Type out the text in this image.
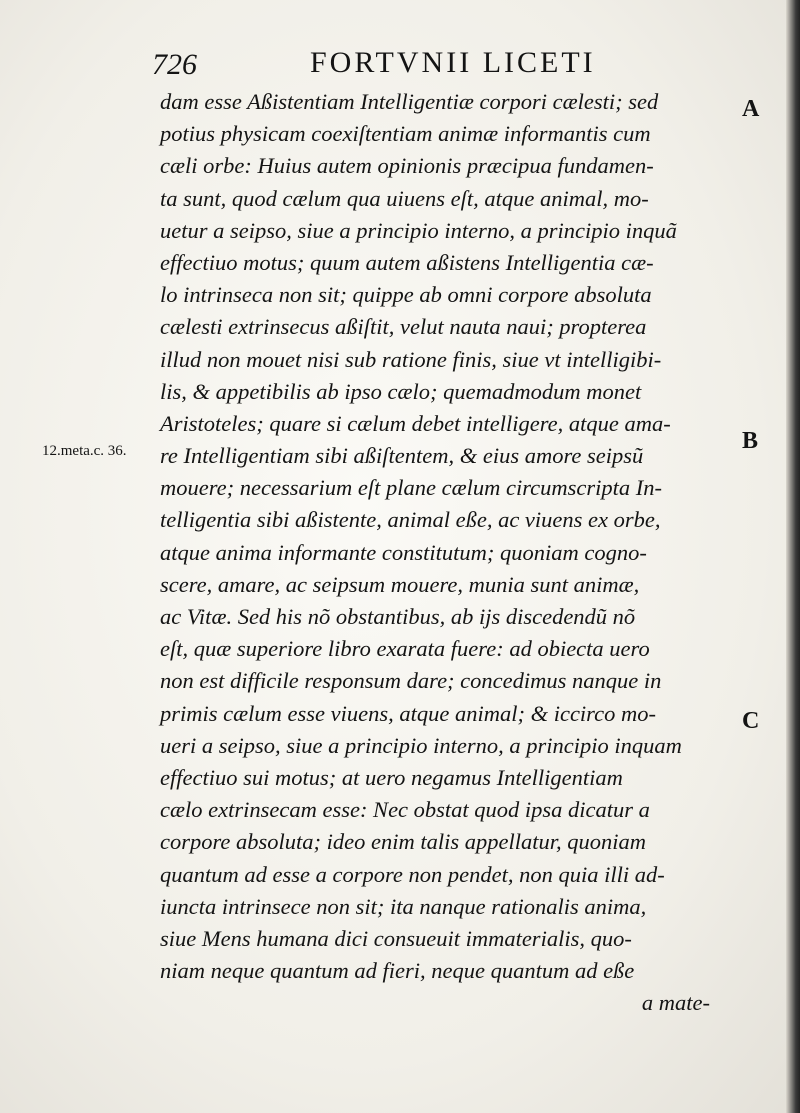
726	FORTVNII LICETI
12.meta.c. 36.
A
B
C
dam esse Aßistentiam Intelligentiæ corpori cælesti; sed
potius physicam coexiſtentiam animæ informantis cum
cæli orbe: Huius autem opinionis præcipua fundamen-
ta sunt, quod cælum qua uiuens eſt, atque animal, mo-
uetur a seipso, siue a principio interno, a principio inquã
effectiuo motus; quum autem aßistens Intelligentia cæ-
lo intrinseca non sit; quippe ab omni corpore absoluta
cælesti extrinsecus aßiſtit, velut nauta naui; propterea
illud non mouet nisi sub ratione finis, siue vt intelligibi-
lis, & appetibilis ab ipso cælo; quemadmodum monet
Aristoteles; quare si cælum debet intelligere, atque ama-
re Intelligentiam sibi aßiſtentem, & eius amore seipsũ
mouere; necessarium eſt plane cælum circumscripta In-
telligentia sibi aßistente, animal eße, ac viuens ex orbe,
atque anima informante constitutum; quoniam cogno-
scere, amare, ac seipsum mouere, munia sunt animæ,
ac Vitæ. Sed his nõ obstantibus, ab ijs discedendũ nõ
eſt, quæ superiore libro exarata fuere: ad obiecta uero
non est difficile responsum dare; concedimus nanque in
primis cælum esse viuens, atque animal; & iccirco mo-
ueri a seipso, siue a principio interno, a principio inquam
effectiuo sui motus; at uero negamus Intelligentiam
cælo extrinsecam esse: Nec obstat quod ipsa dicatur a
corpore absoluta; ideo enim talis appellatur, quoniam
quantum ad esse a corpore non pendet, non quia illi ad-
iuncta intrinsece non sit; ita nanque rationalis anima,
siue Mens humana dici consueuit immaterialis, quo-
niam neque quantum ad fieri, neque quantum ad eße
a mate-
